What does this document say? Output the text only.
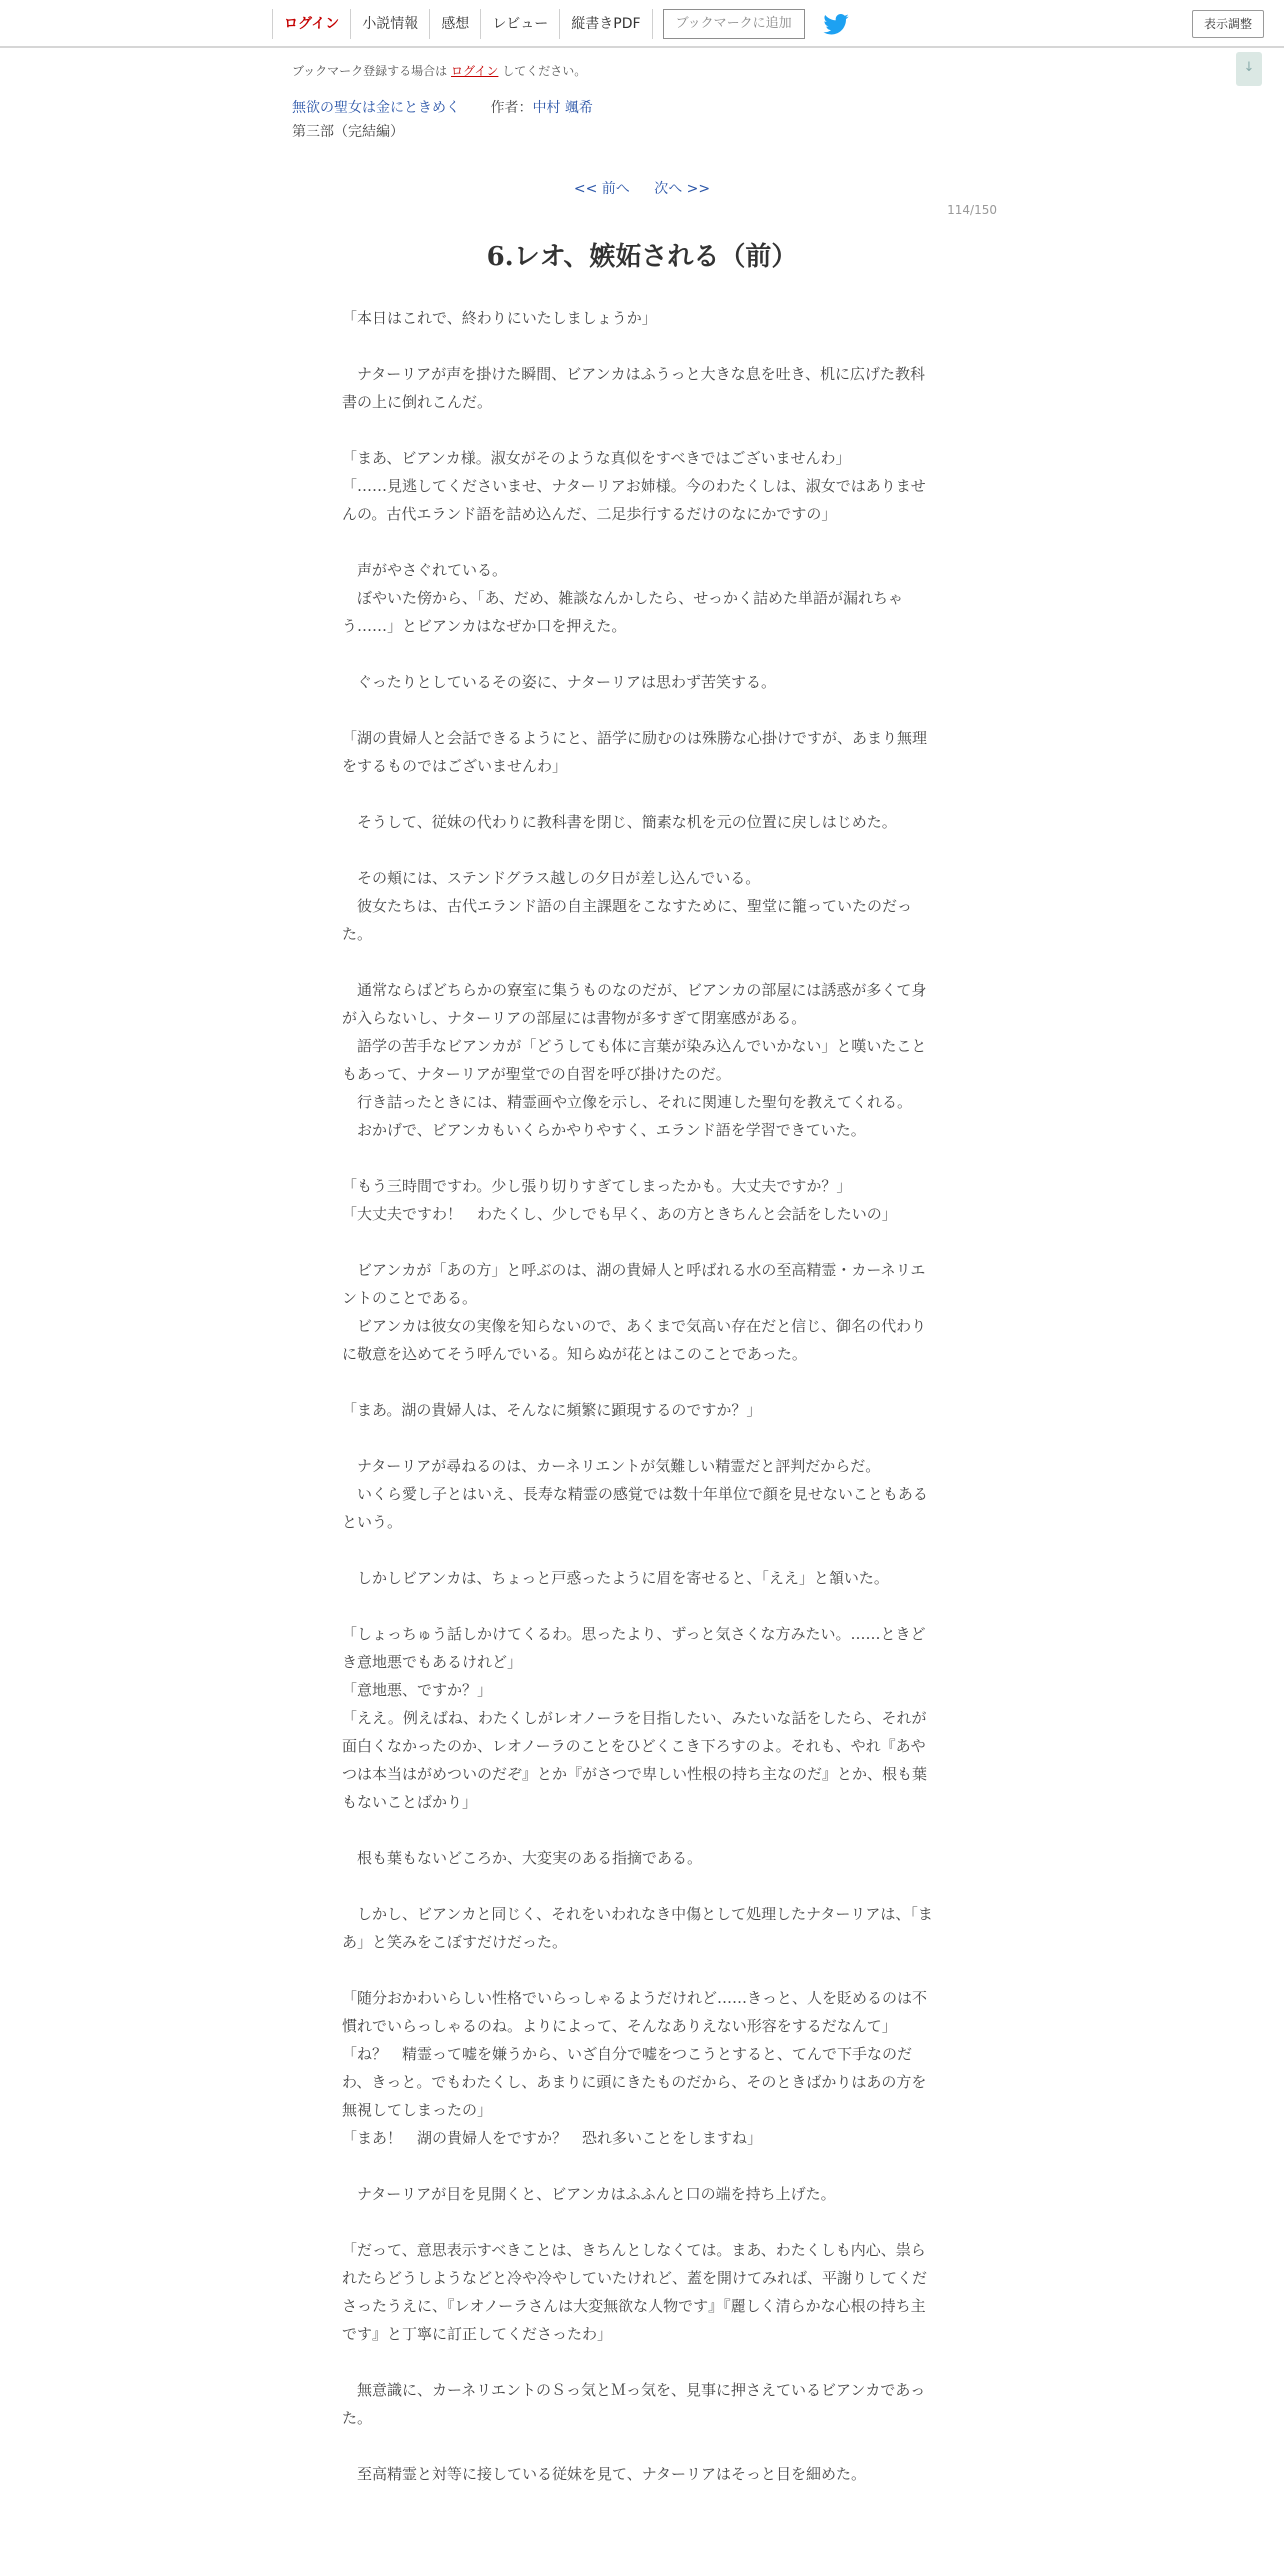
ログイン	小説情報	感想	レビュー	縦書きPDF	ブックマークに追加	表示調整
↓
ブックマーク登録する場合は ログイン してください。
無欲の聖女は金にときめく 作者：中村 颯希
第三部（完結編）
<< 前へ 次へ >>
114/150
6.レオ、嫉妬される（前）

「本日はこれで、終わりにいたしましょうか」

　ナターリアが声を掛けた瞬間、ビアンカはふうっと大きな息を吐き、机に広げた教科書の上に倒れこんだ。

「まあ、ビアンカ様。淑女がそのような真似をすべきではございませんわ」

「……見逃してくださいませ、ナターリアお姉様。今のわたくしは、淑女ではありませんの。古代エランド語を詰め込んだ、二足歩行するだけのなにかですの」

　声がやさぐれている。

　ぼやいた傍から、「あ、だめ、雑談なんかしたら、せっかく詰めた単語が漏れちゃう……」とビアンカはなぜか口を押えた。

　ぐったりとしているその姿に、ナターリアは思わず苦笑する。

「湖の貴婦人と会話できるようにと、語学に励むのは殊勝な心掛けですが、あまり無理をするものではございませんわ」

　そうして、従妹の代わりに教科書を閉じ、簡素な机を元の位置に戻しはじめた。

　その頬には、ステンドグラス越しの夕日が差し込んでいる。

　彼女たちは、古代エランド語の自主課題をこなすために、聖堂に籠っていたのだった。

　通常ならばどちらかの寮室に集うものなのだが、ビアンカの部屋には誘惑が多くて身が入らないし、ナターリアの部屋には書物が多すぎて閉塞感がある。

　語学の苦手なビアンカが「どうしても体に言葉が染み込んでいかない」と嘆いたこともあって、ナターリアが聖堂での自習を呼び掛けたのだ。

　行き詰ったときには、精霊画や立像を示し、それに関連した聖句を教えてくれる。

　おかげで、ビアンカもいくらかやりやすく、エランド語を学習できていた。

「もう三時間ですわ。少し張り切りすぎてしまったかも。大丈夫ですか？」

「大丈夫ですわ！　わたくし、少しでも早く、あの方ときちんと会話をしたいの」

　ビアンカが「あの方」と呼ぶのは、湖の貴婦人と呼ばれる水の至高精霊・カーネリエントのことである。

　ビアンカは彼女の実像を知らないので、あくまで気高い存在だと信じ、御名の代わりに敬意を込めてそう呼んでいる。知らぬが花とはこのことであった。

「まあ。湖の貴婦人は、そんなに頻繁に顕現するのですか？」

　ナターリアが尋ねるのは、カーネリエントが気難しい精霊だと評判だからだ。

　いくら愛し子とはいえ、長寿な精霊の感覚では数十年単位で顔を見せないこともあるという。

　しかしビアンカは、ちょっと戸惑ったように眉を寄せると、「ええ」と頷いた。

「しょっちゅう話しかけてくるわ。思ったより、ずっと気さくな方みたい。……ときどき意地悪でもあるけれど」

「意地悪、ですか？」

「ええ。例えばね、わたくしがレオノーラを目指したい、みたいな話をしたら、それが面白くなかったのか、レオノーラのことをひどくこき下ろすのよ。それも、やれ『あやつは本当はがめついのだぞ』とか『がさつで卑しい性根の持ち主なのだ』とか、根も葉もないことばかり」

　根も葉もないどころか、大変実のある指摘である。

　しかし、ビアンカと同じく、それをいわれなき中傷として処理したナターリアは、「まあ」と笑みをこぼすだけだった。

「随分おかわいらしい性格でいらっしゃるようだけれど……きっと、人を貶めるのは不慣れでいらっしゃるのね。よりによって、そんなありえない形容をするだなんて」

「ね？　精霊って嘘を嫌うから、いざ自分で嘘をつこうとすると、てんで下手なのだわ、きっと。でもわたくし、あまりに頭にきたものだから、そのときばかりはあの方を無視してしまったの」

「まあ！　湖の貴婦人をですか？　恐れ多いことをしますね」

　ナターリアが目を見開くと、ビアンカはふふんと口の端を持ち上げた。

「だって、意思表示すべきことは、きちんとしなくては。まあ、わたくしも内心、祟られたらどうしようなどと冷や冷やしていたけれど、蓋を開けてみれば、平謝りしてくださったうえに、『レオノーラさんは大変無欲な人物です』『麗しく清らかな心根の持ち主です』と丁寧に訂正してくださったわ」

　無意識に、カーネリエントのＳっ気とＭっ気を、見事に押さえているビアンカであった。

　至高精霊と対等に接している従妹を見て、ナターリアはそっと目を細めた。
